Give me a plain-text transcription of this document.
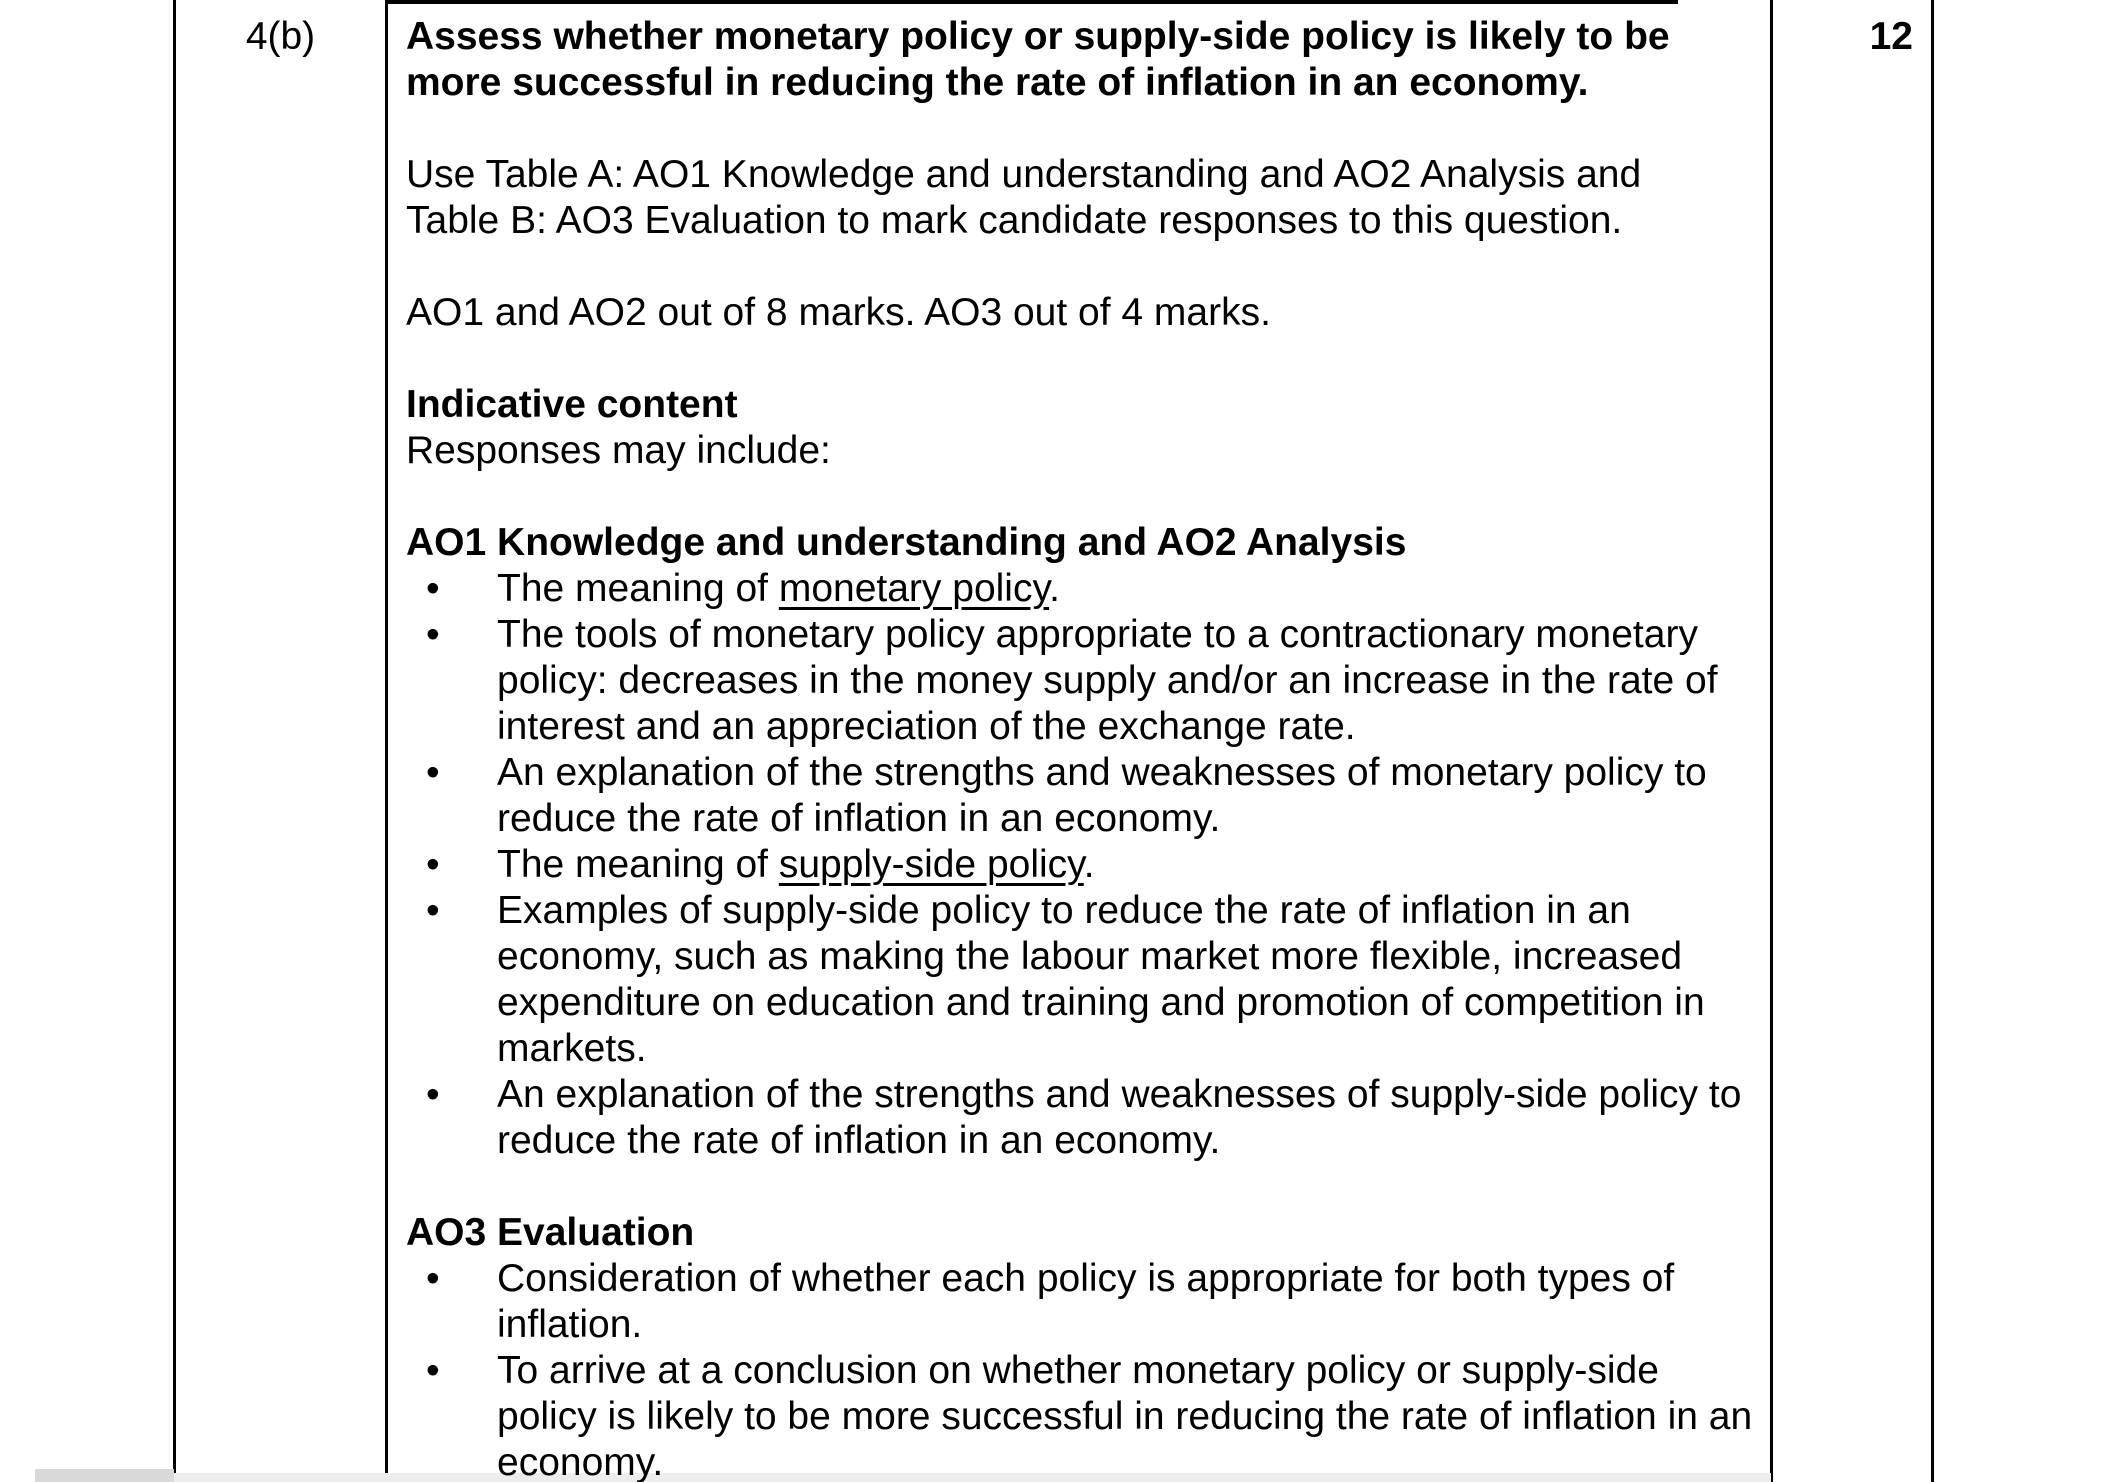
4(b)	12
Assess whether monetary policy or supply-side policy is likely to be
more successful in reducing the rate of inflation in an economy.
Use Table A: AO1 Knowledge and understanding and AO2 Analysis and
Table B: AO3 Evaluation to mark candidate responses to this question.
AO1 and AO2 out of 8 marks. AO3 out of 4 marks.
Indicative content
Responses may include:
AO1 Knowledge and understanding and AO2 Analysis
• The meaning of monetary policy.
• The tools of monetary policy appropriate to a contractionary monetary
policy: decreases in the money supply and/or an increase in the rate of
interest and an appreciation of the exchange rate.
• An explanation of the strengths and weaknesses of monetary policy to
reduce the rate of inflation in an economy.
• The meaning of supply-side policy.
• Examples of supply-side policy to reduce the rate of inflation in an
economy, such as making the labour market more flexible, increased
expenditure on education and training and promotion of competition in
markets.
• An explanation of the strengths and weaknesses of supply-side policy to
reduce the rate of inflation in an economy.
AO3 Evaluation
• Consideration of whether each policy is appropriate for both types of
inflation.
• To arrive at a conclusion on whether monetary policy or supply-side
policy is likely to be more successful in reducing the rate of inflation in an
economy.
